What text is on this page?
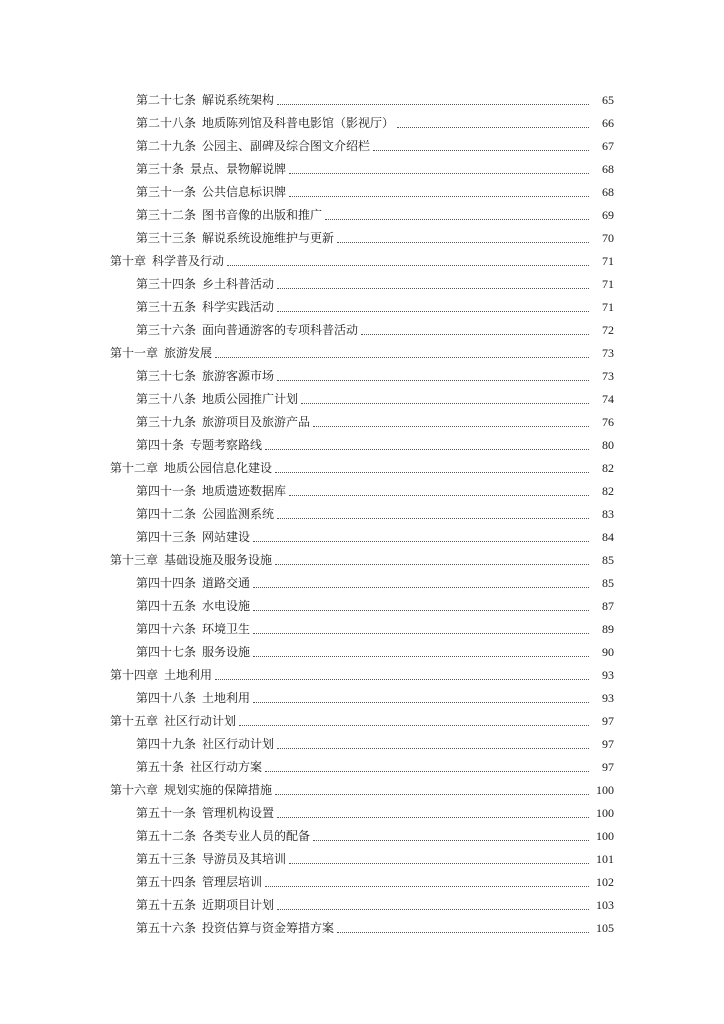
第二十七条 解说系统架构	65
第二十八条 地质陈列馆及科普电影馆（影视厅）	66
第二十九条 公园主、副碑及综合图文介绍栏	67
第三十条 景点、景物解说牌	68
第三十一条 公共信息标识牌	68
第三十二条 图书音像的出版和推广	69
第三十三条 解说系统设施维护与更新	70
第十章 科学普及行动	71
第三十四条 乡土科普活动	71
第三十五条 科学实践活动	71
第三十六条 面向普通游客的专项科普活动	72
第十一章 旅游发展	73
第三十七条 旅游客源市场	73
第三十八条 地质公园推广计划	74
第三十九条 旅游项目及旅游产品	76
第四十条 专题考察路线	80
第十二章 地质公园信息化建设	82
第四十一条 地质遗迹数据库	82
第四十二条 公园监测系统	83
第四十三条 网站建设	84
第十三章 基础设施及服务设施	85
第四十四条 道路交通	85
第四十五条 水电设施	87
第四十六条 环境卫生	89
第四十七条 服务设施	90
第十四章 土地利用	93
第四十八条 土地利用	93
第十五章 社区行动计划	97
第四十九条 社区行动计划	97
第五十条 社区行动方案	97
第十六章 规划实施的保障措施	100
第五十一条 管理机构设置	100
第五十二条 各类专业人员的配备	100
第五十三条 导游员及其培训	101
第五十四条 管理层培训	102
第五十五条 近期项目计划	103
第五十六条 投资估算与资金筹措方案	105
